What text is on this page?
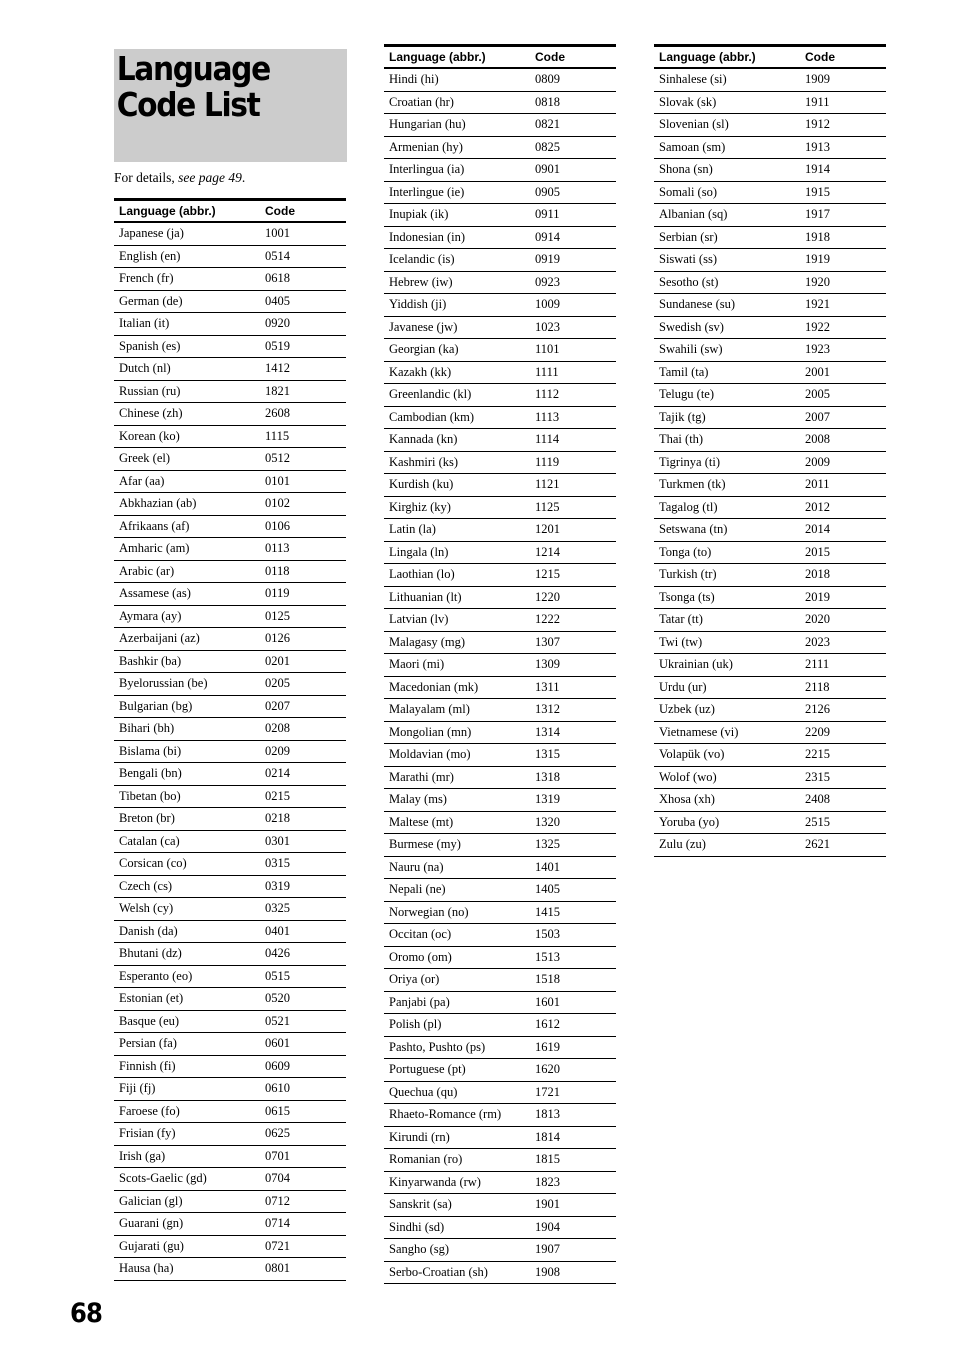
Language Code List
For details, see page 49.
Language (abbr.)	Code
Japanese (ja)	1001
English (en)	0514
French (fr)	0618
German (de)	0405
Italian (it)	0920
Spanish (es)	0519
Dutch (nl)	1412
Russian (ru)	1821
Chinese (zh)	2608
Korean (ko)	1115
Greek (el)	0512
Afar (aa)	0101
Abkhazian (ab)	0102
Afrikaans (af)	0106
Amharic (am)	0113
Arabic (ar)	0118
Assamese (as)	0119
Aymara (ay)	0125
Azerbaijani (az)	0126
Bashkir (ba)	0201
Byelorussian (be)	0205
Bulgarian (bg)	0207
Bihari (bh)	0208
Bislama (bi)	0209
Bengali (bn)	0214
Tibetan (bo)	0215
Breton (br)	0218
Catalan (ca)	0301
Corsican (co)	0315
Czech (cs)	0319
Welsh (cy)	0325
Danish (da)	0401
Bhutani (dz)	0426
Esperanto (eo)	0515
Estonian (et)	0520
Basque (eu)	0521
Persian (fa)	0601
Finnish (fi)	0609
Fiji (fj)	0610
Faroese (fo)	0615
Frisian (fy)	0625
Irish (ga)	0701
Scots-Gaelic (gd)	0704
Galician (gl)	0712
Guarani (gn)	0714
Gujarati (gu)	0721
Hausa (ha)	0801
Language (abbr.)	Code
Hindi (hi)	0809
Croatian (hr)	0818
Hungarian (hu)	0821
Armenian (hy)	0825
Interlingua (ia)	0901
Interlingue (ie)	0905
Inupiak (ik)	0911
Indonesian (in)	0914
Icelandic (is)	0919
Hebrew (iw)	0923
Yiddish (ji)	1009
Javanese (jw)	1023
Georgian (ka)	1101
Kazakh (kk)	1111
Greenlandic (kl)	1112
Cambodian (km)	1113
Kannada (kn)	1114
Kashmiri (ks)	1119
Kurdish (ku)	1121
Kirghiz (ky)	1125
Latin (la)	1201
Lingala (ln)	1214
Laothian (lo)	1215
Lithuanian (lt)	1220
Latvian (lv)	1222
Malagasy (mg)	1307
Maori (mi)	1309
Macedonian (mk)	1311
Malayalam (ml)	1312
Mongolian (mn)	1314
Moldavian (mo)	1315
Marathi (mr)	1318
Malay (ms)	1319
Maltese (mt)	1320
Burmese (my)	1325
Nauru (na)	1401
Nepali (ne)	1405
Norwegian (no)	1415
Occitan (oc)	1503
Oromo (om)	1513
Oriya (or)	1518
Panjabi (pa)	1601
Polish (pl)	1612
Pashto, Pushto (ps)	1619
Portuguese (pt)	1620
Quechua (qu)	1721
Rhaeto-Romance (rm)	1813
Kirundi (rn)	1814
Romanian (ro)	1815
Kinyarwanda (rw)	1823
Sanskrit (sa)	1901
Sindhi (sd)	1904
Sangho (sg)	1907
Serbo-Croatian (sh)	1908
Language (abbr.)	Code
Sinhalese (si)	1909
Slovak (sk)	1911
Slovenian (sl)	1912
Samoan (sm)	1913
Shona (sn)	1914
Somali (so)	1915
Albanian (sq)	1917
Serbian (sr)	1918
Siswati (ss)	1919
Sesotho (st)	1920
Sundanese (su)	1921
Swedish (sv)	1922
Swahili (sw)	1923
Tamil (ta)	2001
Telugu (te)	2005
Tajik (tg)	2007
Thai (th)	2008
Tigrinya (ti)	2009
Turkmen (tk)	2011
Tagalog (tl)	2012
Setswana (tn)	2014
Tonga (to)	2015
Turkish (tr)	2018
Tsonga (ts)	2019
Tatar (tt)	2020
Twi (tw)	2023
Ukrainian (uk)	2111
Urdu (ur)	2118
Uzbek (uz)	2126
Vietnamese (vi)	2209
Volapük (vo)	2215
Wolof (wo)	2315
Xhosa (xh)	2408
Yoruba (yo)	2515
Zulu (zu)	2621
68
